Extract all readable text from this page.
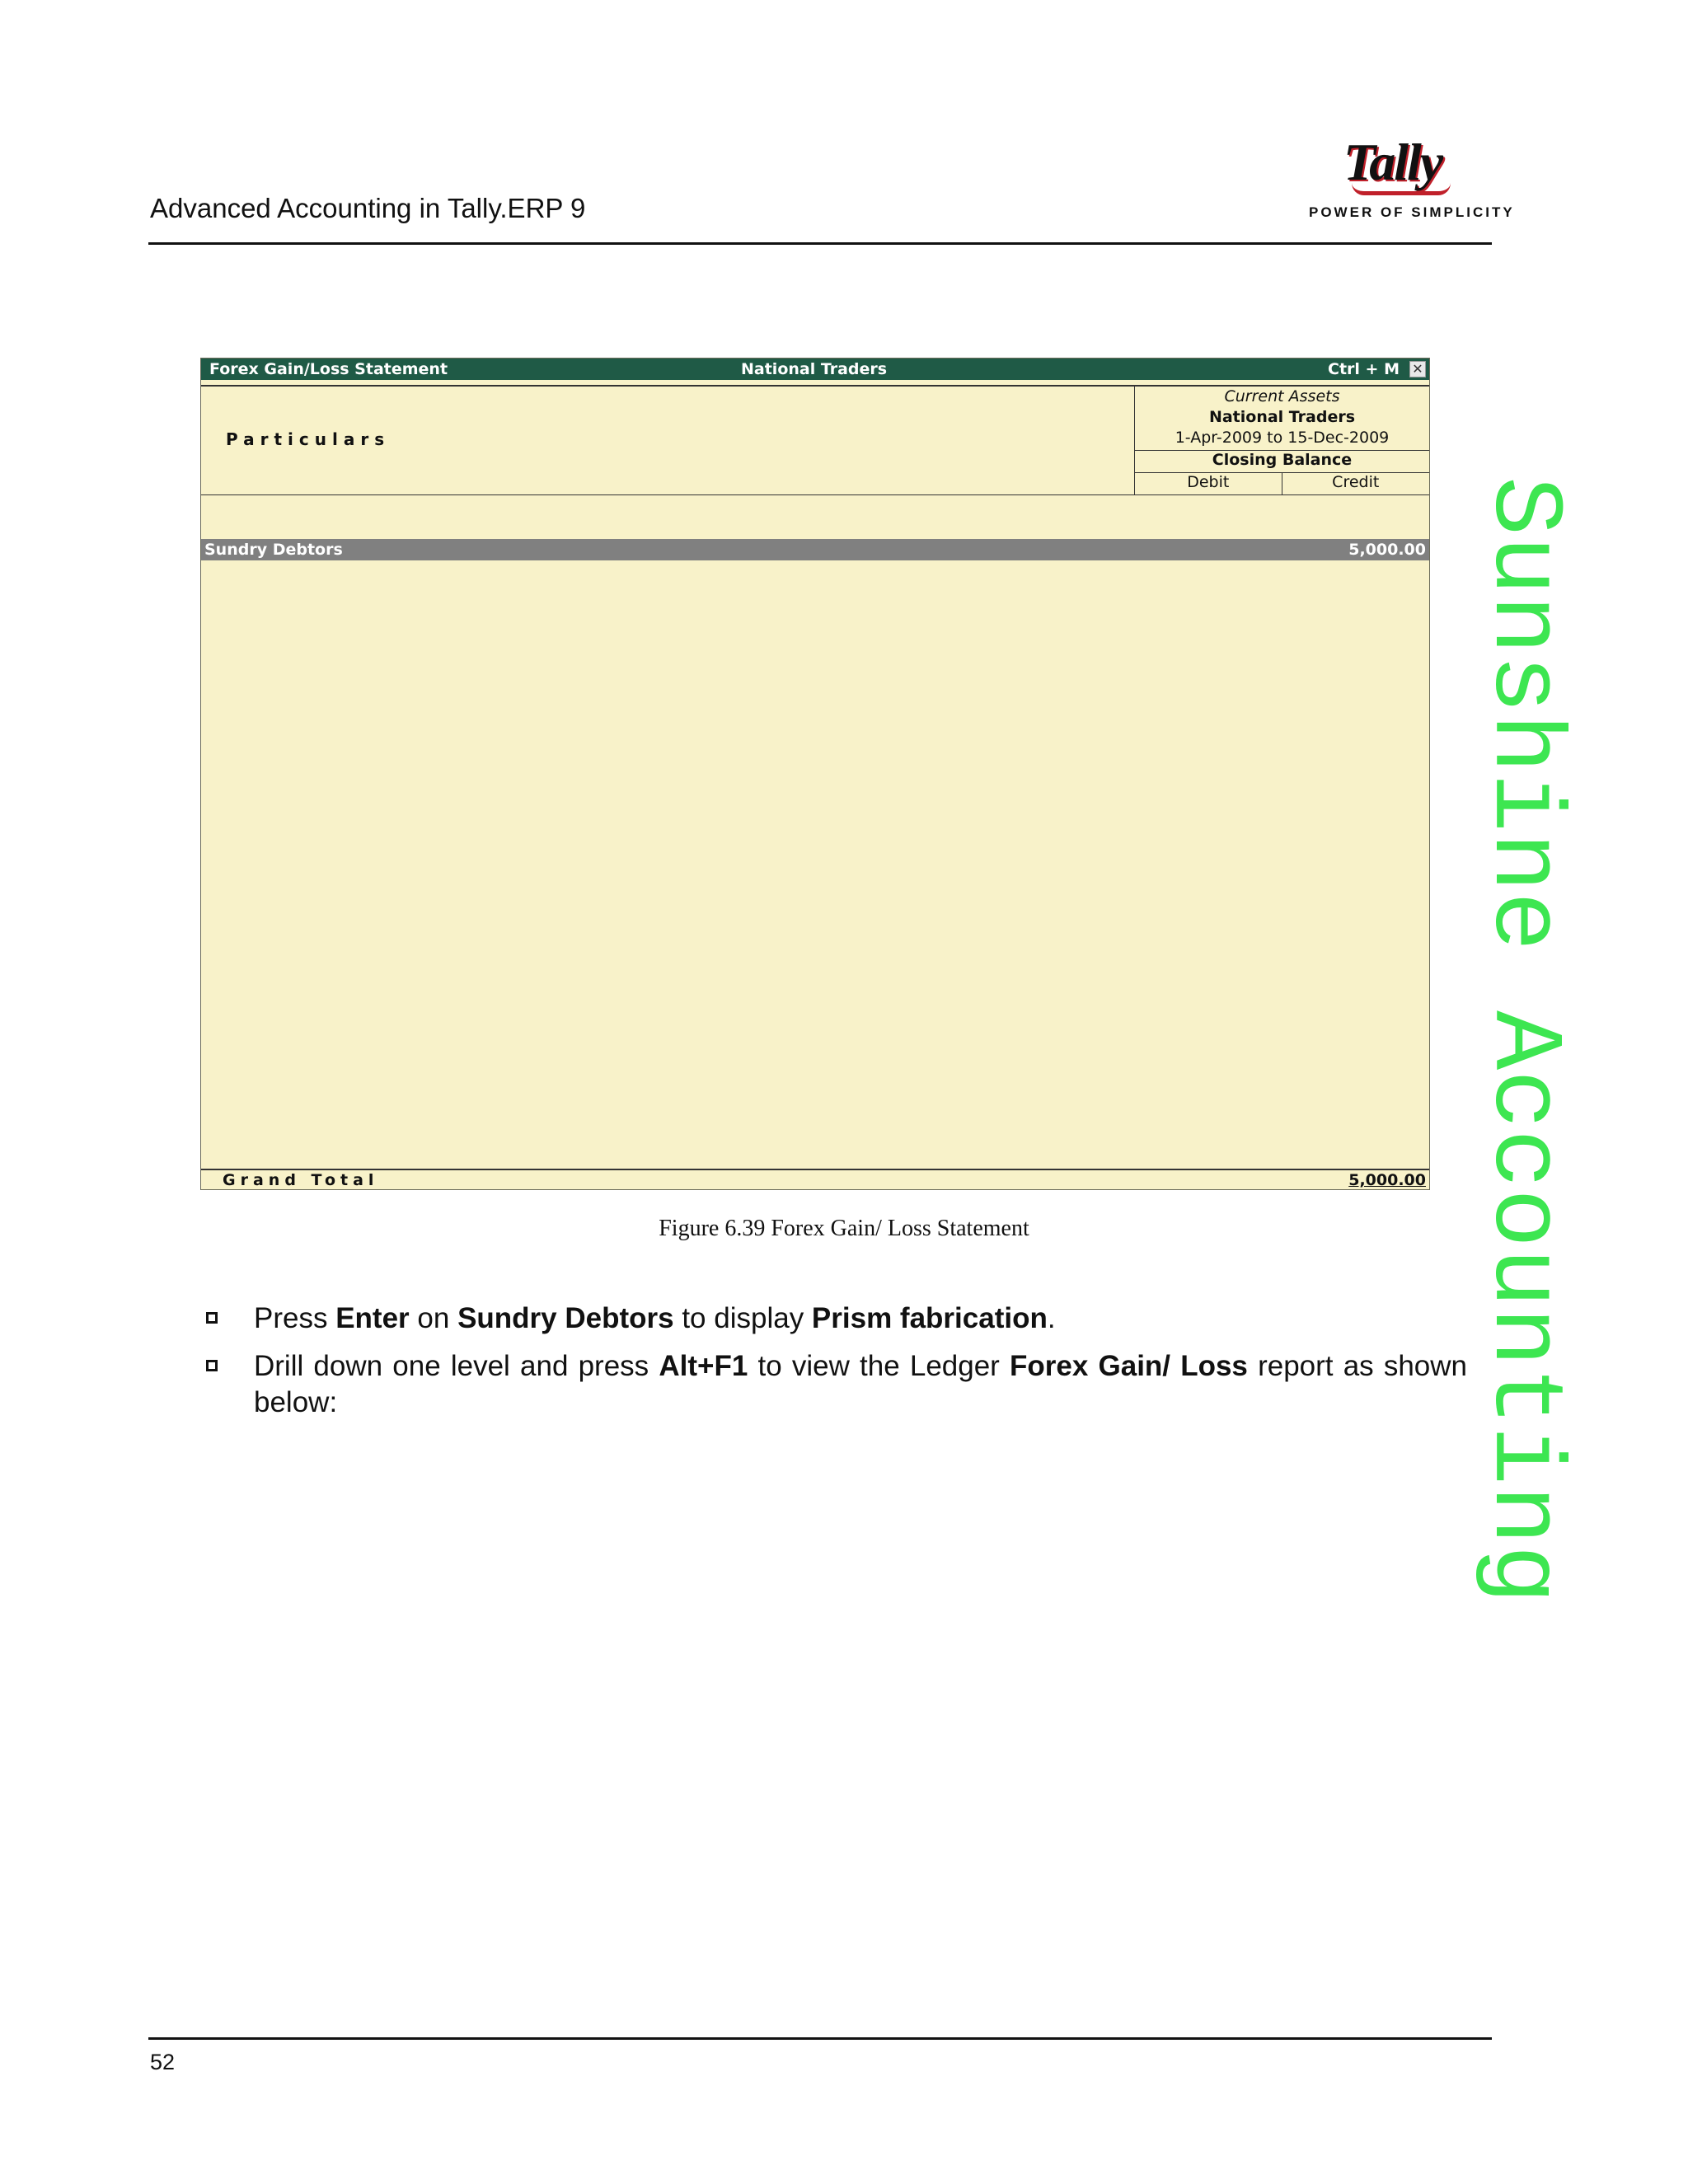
Advanced Accounting in Tally.ERP 9
Tally
POWER OF SIMPLICITY
Sunshine Accounting
Forex Gain/Loss Statement	National Traders	Ctrl + M ✕
Particulars
Current Assets
National Traders
1-Apr-2009 to 15-Dec-2009
Closing Balance
Debit	Credit
Sundry Debtors	5,000.00
Grand Total	5,000.00
Figure 6.39 Forex Gain/ Loss Statement
Press Enter on Sundry Debtors to display Prism fabrication.
Drill down one level and press Alt+F1 to view the Ledger Forex Gain/ Loss report as shown below:
52
